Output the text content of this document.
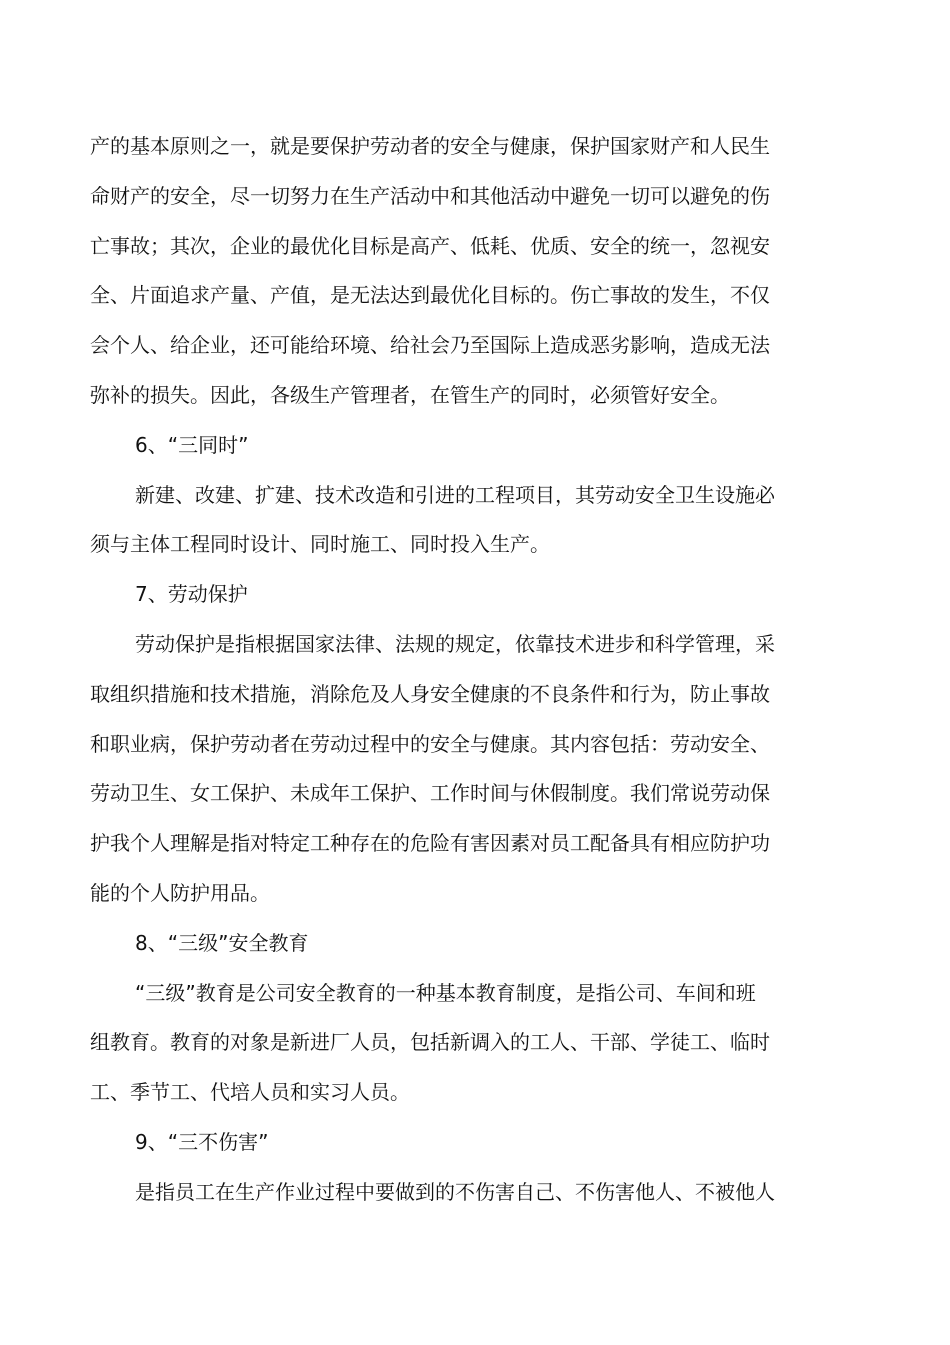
产的基本原则之一，就是要保护劳动者的安全与健康，保护国家财产和人民生
命财产的安全，尽一切努力在生产活动中和其他活动中避免一切可以避免的伤
亡事故；其次，企业的最优化目标是高产、低耗、优质、安全的统一，忽视安
全、片面追求产量、产值，是无法达到最优化目标的。伤亡事故的发生，不仅
会个人、给企业，还可能给环境、给社会乃至国际上造成恶劣影响，造成无法
弥补的损失。因此，各级生产管理者，在管生产的同时，必须管好安全。
6、“三同时”
新建、改建、扩建、技术改造和引进的工程项目，其劳动安全卫生设施必
须与主体工程同时设计、同时施工、同时投入生产。
7、劳动保护
劳动保护是指根据国家法律、法规的规定，依靠技术进步和科学管理，采
取组织措施和技术措施，消除危及人身安全健康的不良条件和行为，防止事故
和职业病，保护劳动者在劳动过程中的安全与健康。其内容包括：劳动安全、
劳动卫生、女工保护、未成年工保护、工作时间与休假制度。我们常说劳动保
护我个人理解是指对特定工种存在的危险有害因素对员工配备具有相应防护功
能的个人防护用品。
8、“三级”安全教育
“三级”教育是公司安全教育的一种基本教育制度，是指公司、车间和班
组教育。教育的对象是新进厂人员，包括新调入的工人、干部、学徒工、临时
工、季节工、代培人员和实习人员。
9、“三不伤害”
是指员工在生产作业过程中要做到的不伤害自己、不伤害他人、不被他人
